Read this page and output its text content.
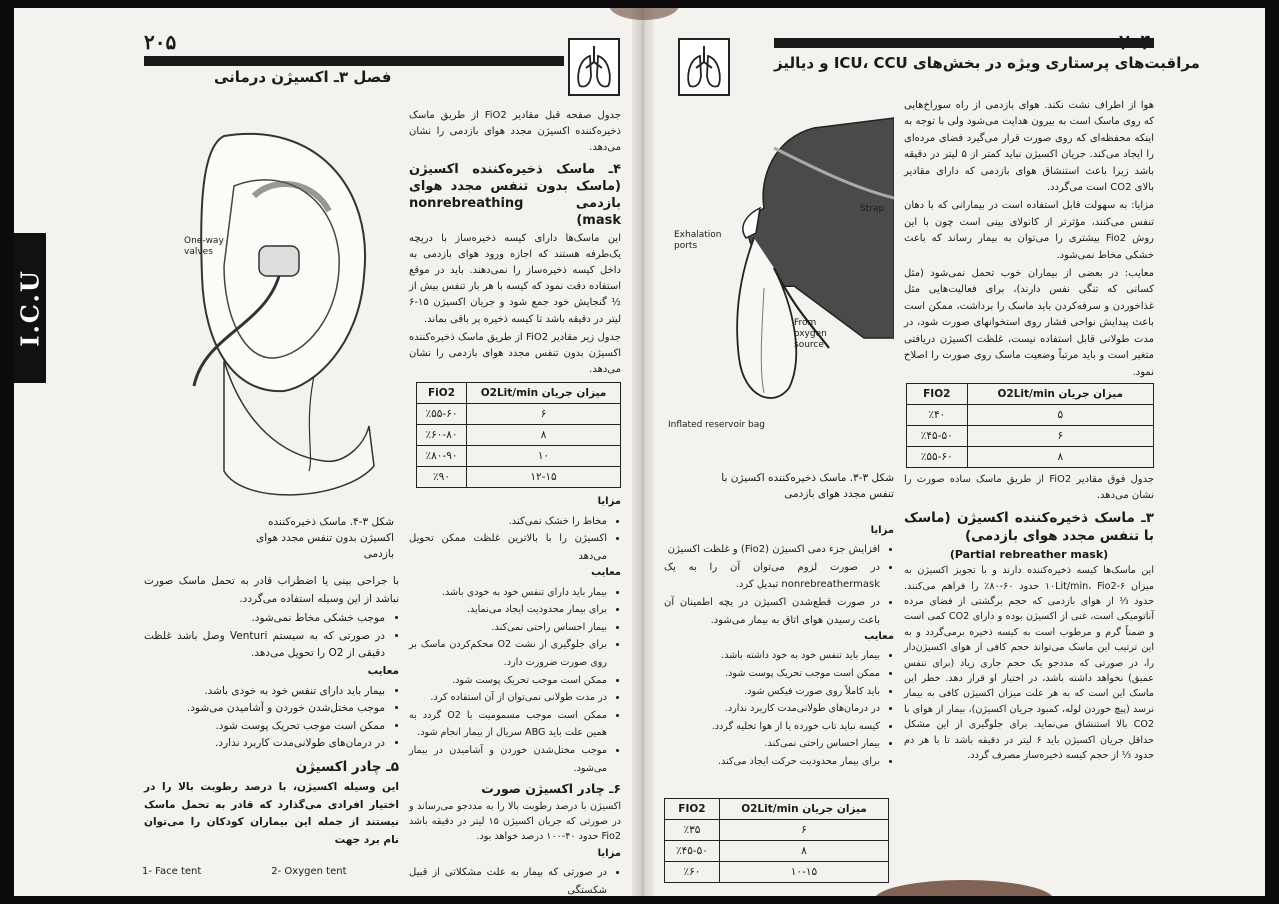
۲۰۵
فصل ۳ـ اکسیژن درمانی
I.C.U
One-way valves
شکل ۳-۴. ماسک ذخیره‌کننده اکسیژن بدون تنفس مجدد هوای بازدمی

با جراحی بینی یا اضطراب قادر به تحمل ماسک صورت نباشد از این وسیله استفاده می‌گردد.

• موجب خشکی مخاط نمی‌شود.
• در صورتی که به سیستم Venturi وصل باشد غلظت دقیقی از O2 را تحویل می‌دهد.

معایب

• بیمار باید دارای تنفس خود به خودی باشد.
• موجب مختل‌شدن خوردن و آشامیدن می‌شود.
• ممکن است موجب تحریک پوست شود.
• در درمان‌های طولانی‌مدت کاربرد ندارد.
۵ـ چادر اکسیژن

این وسیله اکسیژن، با درصد رطوبت بالا را در اختیار افرادی می‌گذارد که قادر به تحمل ماسک نیستند از جمله این بیماران کودکان را می‌توان نام برد جهت

جدول صفحه قبل مقادیر FiO2 از طریق ماسک ذخیره‌کننده اکسیژن مجدد هوای بازدمی را نشان می‌دهد.

۴ـ ماسک ذخیره‌کننده اکسیژن (ماسک بدون تنفس مجدد هوای بازدمی nonrebreathing mask)

این ماسک‌ها دارای کیسه ذخیره‌ساز با دریچه یک‌طرفه هستند که اجازه ورود هوای بازدمی به داخل کیسه ذخیره‌ساز را نمی‌دهند. باید در موقع استفاده دقت نمود که کیسه با هر بار تنفس بیش از ½ گنجایش خود جمع شود و جریان اکسیژن ۱۵-۶ لیتر در دقیقه باشد تا کیسه ذخیره پر باقی بماند.

جدول زیر مقادیر FiO2 از طریق ماسک ذخیره‌کننده اکسیژن بدون تنفس مجدد هوای بازدمی را نشان می‌دهد.

میزان جریان O2Lit/min	FiO2
۶	٪۵۵-۶۰
۸	٪۶۰-۸۰
۱۰	٪۸۰-۹۰
۱۲-۱۵	٪۹۰

مزایا

• مخاط را خشک نمی‌کند.
• اکسیژن را با بالاترین غلظت ممکن تحویل می‌دهد

معایب

• بیمار باید دارای تنفس خود به خودی باشد.
• برای بیمار محدودیت ایجاد می‌نماید.
• بیمار احساس راحتی نمی‌کند.
• برای جلوگیری از نشت O2 محکم‌کردن ماسک بر روی صورت ضرورت دارد.
• ممکن است موجب تحریک پوست شود.
• در مدت طولانی نمی‌توان از آن استفاده کرد.
• ممکن است موجب مسمومیت با O2 گردد به همین علت باید ABG سریال از بیمار انجام شود.
• موجب مختل‌شدن خوردن و آشامیدن در بیمار می‌شود.
۶ـ چادر اکسیژن صورت

اکسیژن با درصد رطوبت بالا را به مددجو می‌رساند و در صورتی که جریان اکسیژن ۱۵ لیتر در دقیقه باشد Fio2 حدود ۴۰-۱۰۰ درصد خواهد بود.

مزایا

• در صورتی که بیمار به علت مشکلاتی از قبیل شکستگی
1- Face tent	2- Oxygen tent
مراقبت‌های پرستاری ویژه در بخش‌های ICU، CCU و دیالیز
Strap
Exhalation ports
From oxygen source
Inflated reservoir bag
شکل ۳-۳. ماسک ذخیره‌کننده اکسیژن با تنفس مجدد هوای بازدمی

مزایا

• افزایش جزء دمی اکسیژن (Fio2) و غلظت اکسیژن
• در صورت لزوم می‌توان آن را به یک nonrebreathermask تبدیل کرد.
• در صورت قطع‌شدن اکسیژن در یچه اطمینان آن باعث رسیدن هوای اتاق به بیمار می‌شود.

معایب

• بیمار باید تنفس خود به خود داشته باشد.
• ممکن است موجب تحریک پوست شود.
• باید کاملاً روی صورت فیکس شود.
• در درمان‌های طولانی‌مدت کاربرد ندارد.
• کیسه نباید تاب خورده یا از هوا تخلیه گردد.
• بیمار احساس راحتی نمی‌کند.
• برای بیمار محدودیت حرکت ایجاد می‌کند.
میزان جریان O2Lit/min	FIO2
۶	٪۳۵
۸	٪۴۵-۵۰
۱۰-۱۵	٪۶۰

هوا از اطراف نشت نکند. هوای بازدمی از راه سوراخ‌هایی که روی ماسک است به بیرون هدایت می‌شود ولی با توجه به اینکه محفظه‌ای که روی صورت قرار می‌گیرد فضای مرده‌ای را ایجاد می‌کند. جریان اکسیژن نباید کمتر از ۵ لیتر در دقیقه باشد زیرا باعث استنشاق هوای بازدمی که دارای مقادیر بالای CO2 است می‌گردد.

مزایا: به سهولت قابل استفاده است در بیمارانی که با دهان تنفس می‌کنند، مؤثرتر از کانولای بینی است چون با این روش Fio2 بیشتری را می‌توان به بیمار رساند که باعث خشکی مخاط نمی‌شود.

معایب: در بعضی از بیماران خوب تحمل نمی‌شود (مثل کسانی که تنگی نفس دارند)، برای فعالیت‌هایی مثل غذاخوردن و سرفه‌کردن باید ماسک را برداشت، ممکن است باعث پیدایش نواحی فشار روی استخوانهای صورت شود، در مدت طولانی قابل استفاده نیست، غلظت اکسیژن دریافتی متغیر است و باید مرتباً وضعیت ماسک روی صورت را اصلاح نمود.

میزان جریان O2Lit/min	FIO2
۵	٪۴۰
۶	٪۴۵-۵۰
۸	٪۵۵-۶۰

جدول فوق مقادیر FiO2 از طریق ماسک ساده صورت را نشان می‌دهد.

۳ـ ماسک ذخیره‌کننده اکسیژن (ماسک با تنفس مجدد هوای بازدمی)
(Partial rebreather mask)

این ماسک‌ها کیسه ذخیره‌کننده دارند و با تجویز اکسیژن به میزان ۶-۱۰Lit/min، Fio2 حدود ۶۰-۸۰٪ را فراهم می‌کنند. حدود ⅓ از هوای بازدمی که حجم برگشتی از فضای مرده آناتومیکی است، غنی از اکسیژن بوده و دارای CO2 کمی است و ضمناً گرم و مرطوب است به کیسه ذخیره برمی‌گردد و به این ترتیب این ماسک می‌تواند حجم کافی از هوای اکسیژن‌دار را، در صورتی که مددجو یک حجم جاری زیاد (برای تنفس عمیق) نخواهد داشته باشد، در اختیار او قرار دهد. خطر این ماسک این است که به هر علت میزان اکسیژن کافی به بیمار نرسد (پیچ خوردن لوله، کمبود جریان اکسیژن)، بیمار از هوای با CO2 بالا استنشاق می‌نماید. برای جلوگیری از این مشکل حداقل جریان اکسیژن باید ۶ لیتر در دقیقه باشد تا با هر دم حدود ⅓ از حجم کیسه ذخیره‌ساز مصرف گردد.
